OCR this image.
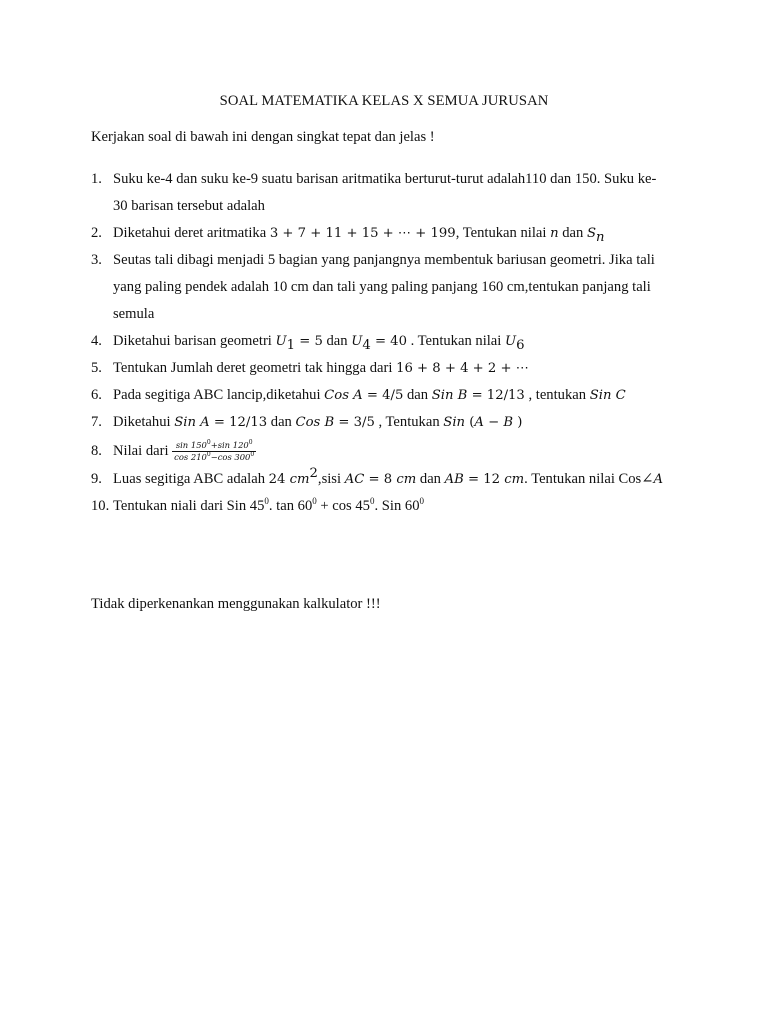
SOAL MATEMATIKA KELAS X SEMUA JURUSAN
Kerjakan soal di bawah ini dengan singkat tepat dan jelas !
1. Suku ke-4 dan suku ke-9 suatu barisan aritmatika berturut-turut adalah110 dan 150. Suku ke-
30 barisan tersebut adalah
2. Diketahui deret aritmatika 3 + 7 + 11 + 15 + ⋯ + 199, Tentukan nilai n dan $S_n$
3. Seutas tali dibagi menjadi 5 bagian yang panjangnya membentuk bariusan geometri. Jika tali
yang paling pendek adalah 10 cm dan tali yang paling panjang 160 cm,tentukan panjang tali
semula
4. Diketahui barisan geometri $U_1 = 5$ dan $U_4 = 40$ . Tentukan nilai $U_6$
5. Tentukan Jumlah deret geometri tak hingga dari 16 + 8 + 4 + 2 + ⋯
6. Pada segitiga ABC lancip,diketahui Cos A = 4/5 dan Sin B = 12/13 , tentukan Sin C
7. Diketahui Sin A = 12/13 dan Cos B = 3/5 , Tentukan Sin (A − B )
8. Nilai dari $\frac{\sin 150^0+\sin 120^0}{\cos 210^0-\cos 300^0}$
9. Luas segitiga ABC adalah 24 $cm^2,sisi$ AC = 8 cm dan AB = 12 cm. Tentukan nilai Cos∠A
10. Tentukan niali dari Sin $45^0$. $\tan 60^0 + \cos 45^0$. Sin $60^0$
Tidak diperkenankan menggunakan kalkulator !!!
